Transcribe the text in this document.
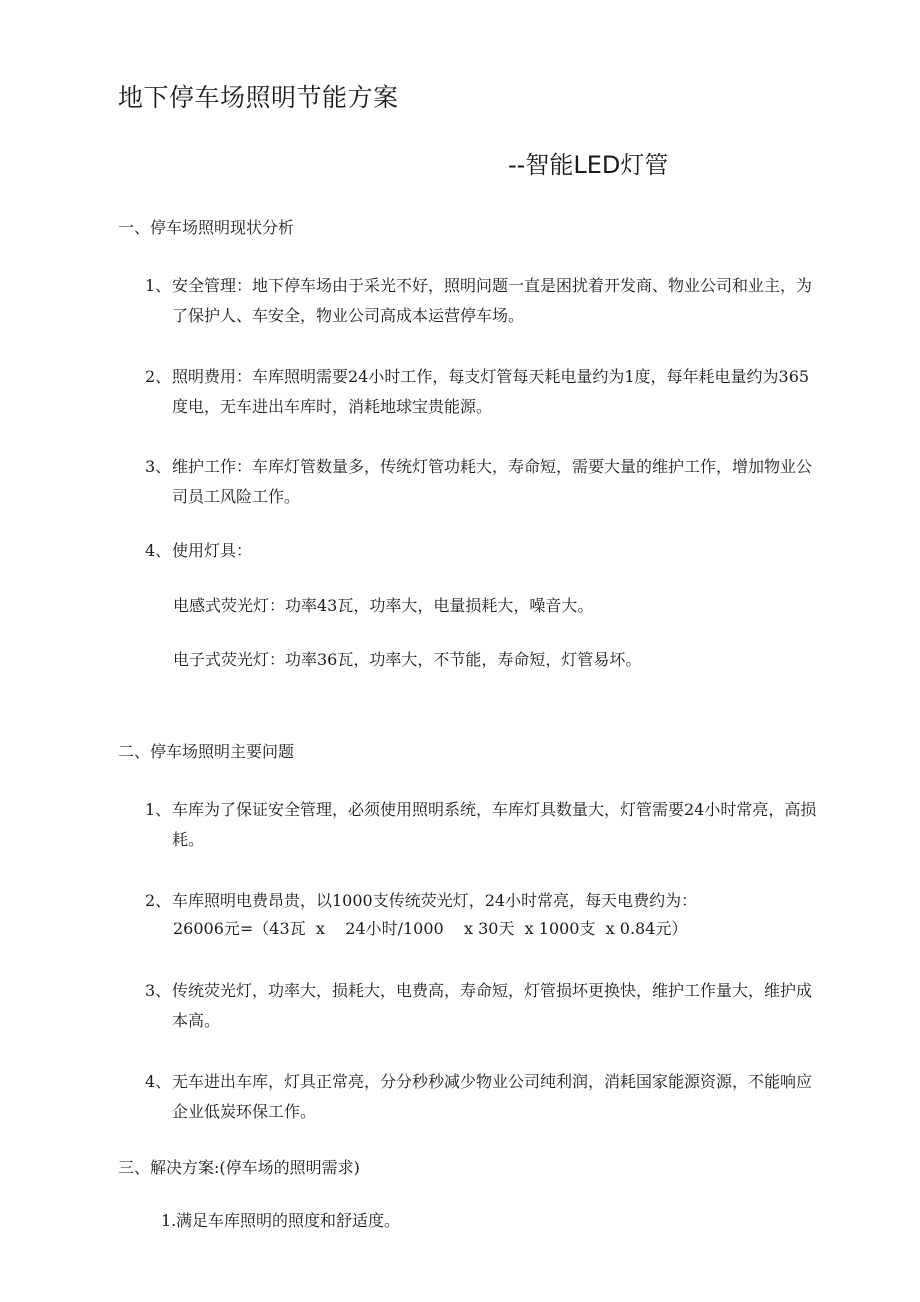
地下停车场照明节能方案
--智能LED灯管
一、停车场照明现状分析
1、 安全管理：地下停车场由于采光不好，照明问题一直是困扰着开发商、物业公司和业主，为了保护人、车安全，物业公司高成本运营停车场。
2、 照明费用：车库照明需要24小时工作，每支灯管每天耗电量约为1度，每年耗电量约为365度电，无车进出车库时，消耗地球宝贵能源。
3、 维护工作：车库灯管数量多，传统灯管功耗大，寿命短，需要大量的维护工作，增加物业公司员工风险工作。
4、 使用灯具：
电感式荧光灯：功率43瓦，功率大，电量损耗大，噪音大。
电子式荧光灯：功率36瓦，功率大，不节能，寿命短，灯管易坏。
二、停车场照明主要问题
1、 车库为了保证安全管理，必须使用照明系统，车库灯具数量大，灯管需要24小时常亮，高损耗。
2、 车库照明电费昂贵，以1000支传统荧光灯，24小时常亮，每天电费约为：
26006元=（43瓦  x    24小时/1000    x 30天  x 1000支  x 0.84元）
3、 传统荧光灯，功率大，损耗大，电费高，寿命短，灯管损坏更换快，维护工作量大，维护成本高。
4、 无车进出车库，灯具正常亮，分分秒秒减少物业公司纯利润，消耗国家能源资源，不能响应企业低炭环保工作。
三、解决方案:(停车场的照明需求)
1. 满足车库照明的照度和舒适度。
